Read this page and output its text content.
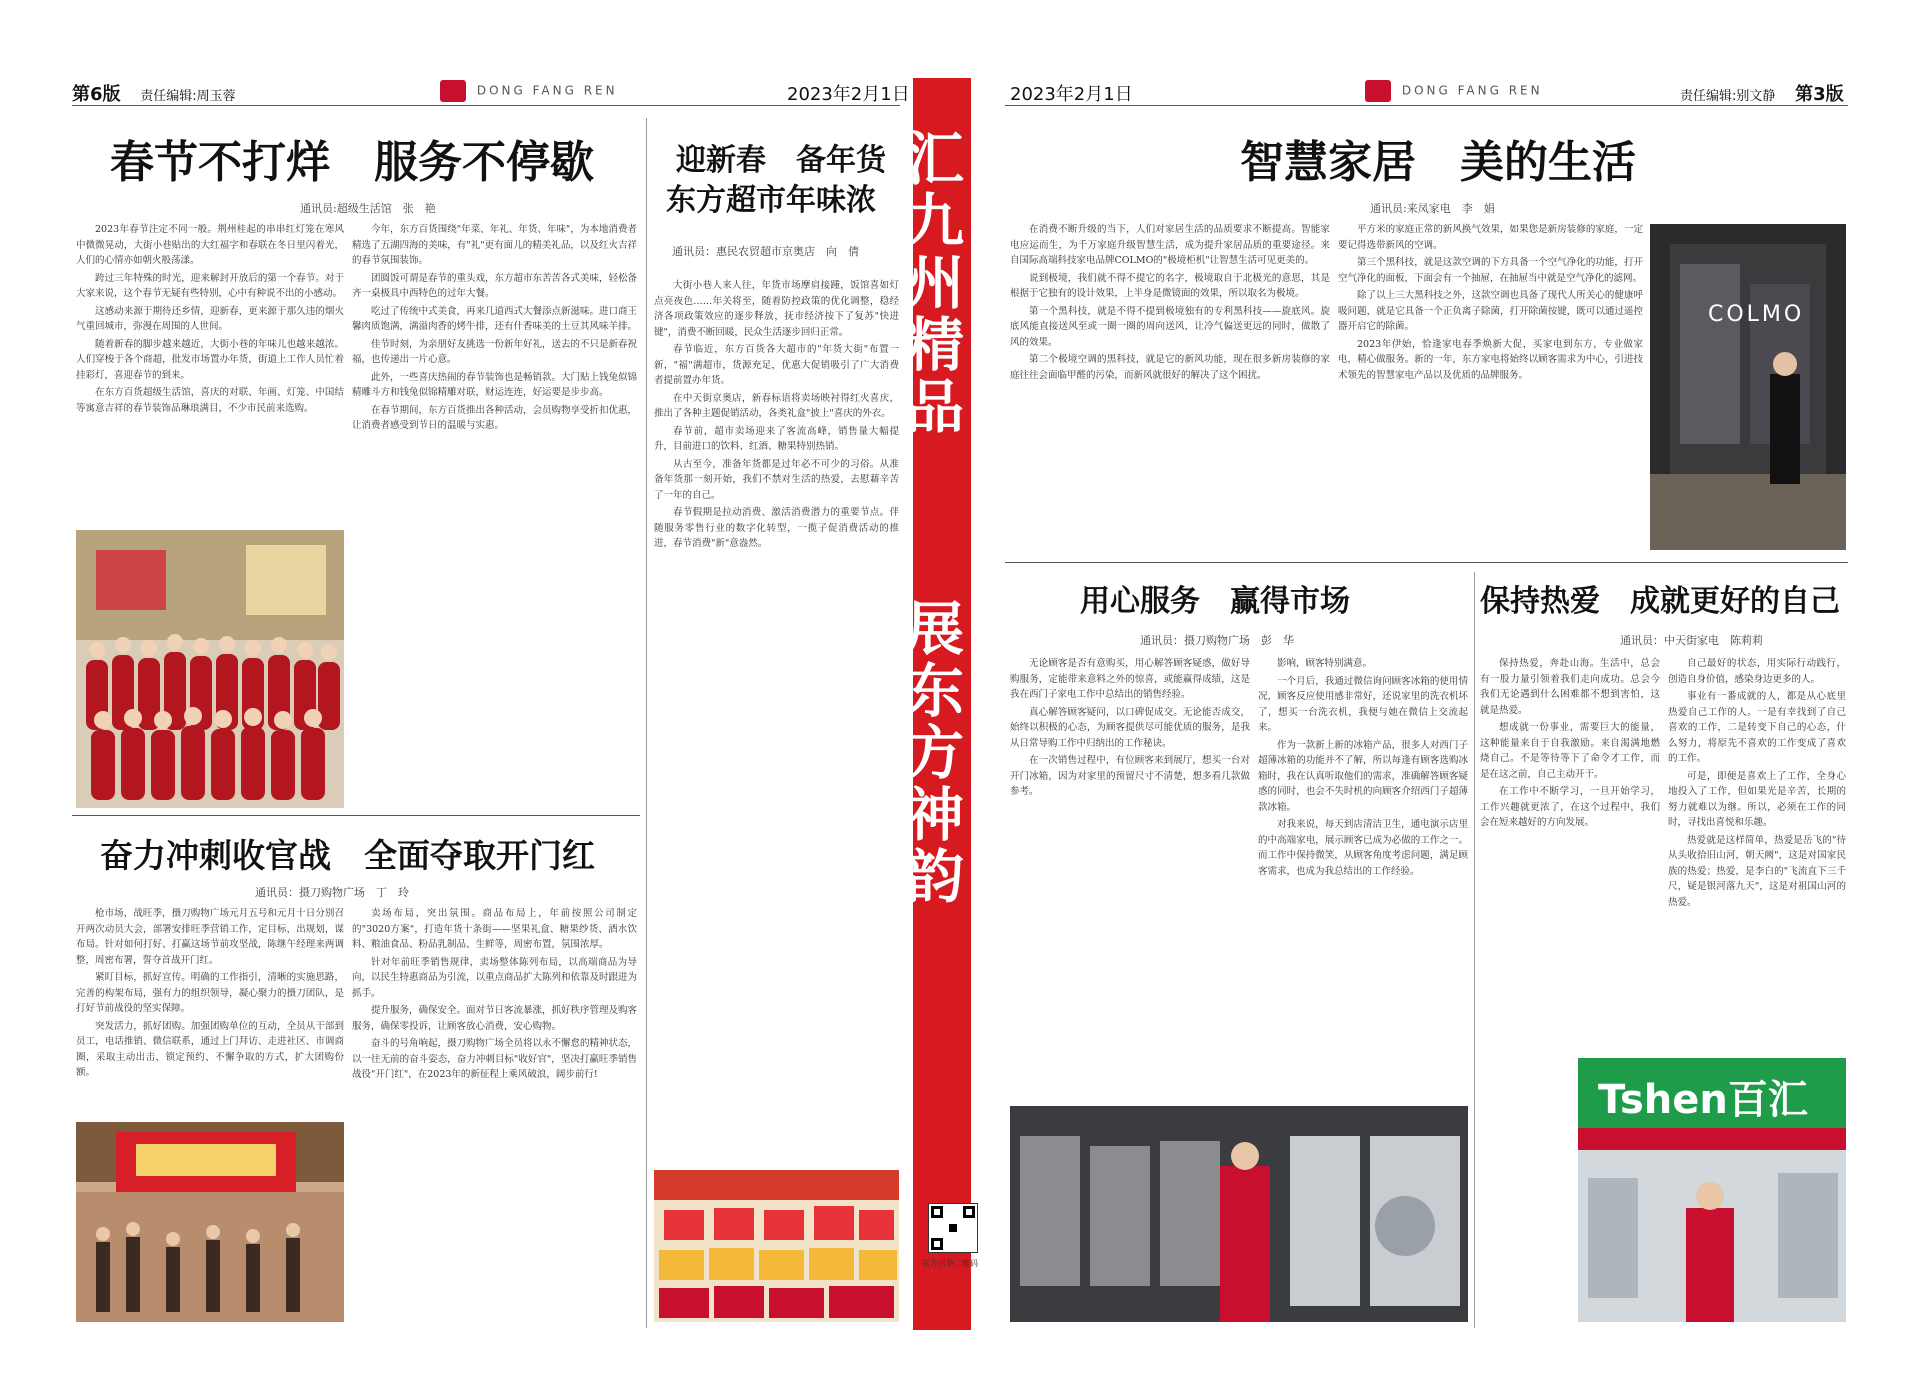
第6版 责任编辑:周玉蓉	DONG FANG REN	2023年2月1日
春节不打烊　服务不停歇
通讯员:超级生活馆　张　艳

2023年春节注定不同一般。荆州桂起的串串红灯笼在寒风中微微晃动，大街小巷贴出的大红福字和春联在冬日里闪着光，人们的心情亦如朝火般荡漾。

跨过三年特殊的时光，迎来解封开放后的第一个春节。对于大家来说，这个春节无疑有些特别，心中有种说不出的小感动。

这感动来源于期待还乡情，迎新春，更来源于那久违的烟火气重回城市，弥漫在周围的人世间。

随着新春的脚步越来越近，大街小巷的年味儿也越来越浓。人们穿梭于各个商超，批发市场置办年货，街道上工作人员忙着挂彩灯，喜迎春节的到来。

在东方百货超级生活馆，喜庆的对联、年画、灯笼、中国结等寓意吉祥的春节装饰品琳琅满目，不少市民前来选购。

今年，东方百货围绕"年菜、年礼、年货、年味"，为本地消费者精选了五湖四海的美味，有"礼"更有面儿的精美礼品，以及红火吉祥的春节氛围装饰。

团圆饭可谓是春节的重头戏，东方超市东苦苦各式美味，轻松备齐一桌极具中西特色的过年大餐。

吃过了传统中式美食，再来几道西式大餐添点新滋味。进口商王馨肉质饱满，满溢肉香的烤牛排，还有什香味美的土豆其风味羊排。

佳节时刻，为亲朋好友挑选一份新年好礼，送去的不只是新春祝福，也传递出一片心意。

此外，一些喜庆热闹的春节装饰也是畅销款。大门贴上钱兔似锦精雕斗方和钱兔似锦精雕对联，财运连连，好运要是步步高。

在春节期间，东方百货推出各种活动，会员购物享受折扣优惠，让消费者感受到节日的温暖与实惠。

奋力冲刺收官战　全面夺取开门红
通讯员：摄刀购物广场　丁　玲

枪市场，战旺季，摄刀购物广场元月五号和元月十日分别召开两次动员大会，部署安排旺季营销工作，定目标，出规划，谋布局。针对如何打好、打赢这场节前攻坚战，陈继午经理来两调整，周密布署，誓夺首战开门红。

紧盯目标，抓好宣传。明确的工作指引，清晰的实施思路，完善的构架布局，强有力的组织领导，凝心聚力的摄刀团队，是打好节前战役的坚实保障。

突发活力，抓好团购。加强团购单位的互动，全员从干部到员工，电话推销、微信联系，通过上门拜访、走进社区、市调商圈，采取主动出击，锁定预约、不懈争取的方式，扩大团购份额。

卖场布局，突出氛围。商品布局上，年前按照公司制定的"3020方案"，打造年货十条街——坚果礼盒、糖果纱货、酒水饮料、粮油食品、粉品乳制品、生鲜等，周密布置，氛围浓厚。

针对年前旺季销售规律，卖场整体陈列布局，以高端商品为导向，以民生特惠商品为引流，以重点商品扩大陈列和依靠及时跟进为抓手。

提升服务，确保安全。面对节日客流暴涨，抓好秩序管理及购客服务，确保零投诉，让顾客放心消费，安心购物。

奋斗的号角响起，摄刀购物广场全员将以永不懈怠的精神状态，以一往无前的奋斗姿态，奋力冲刺目标"收好官"，坚决打赢旺季销售战役"开门红"，在2023年的新征程上乘风破浪，阔步前行!

迎新春　备年货
东方超市年味浓
通讯员：惠民农贸超市京奥店　向　倩

大街小巷人来人往，年货市场摩肩接踵，饭馆喜如灯点亮夜色……年关将至，随着防控政策的优化调整，稳经济各项政策效应的逐步释放，抚市经济按下了复苏"快进键"，消费不断回暖，民众生活逐步回归正常。

春节临近，东方百货各大超市的"年货大街"布置一新，"福"满超市，货源充足，优惠大促销吸引了广大消费者提前置办年货。

在中天街京奥店，新春标语将卖场映衬得红火喜庆，推出了各种主题促销活动，各类礼盒"披上"喜庆的外衣。

春节前，超市卖场迎来了客流高峰，销售量大幅提升，目前进口的饮料、红酒、糖果特别热销。

从古至今，准备年货都是过年必不可少的习俗。从准备年货那一刻开始，我们不禁对生活的热爱，去慰藉辛苦了一年的自己。

春节假期是拉动消费、激活消费潜力的重要节点。伴随服务零售行业的数字化转型，一揽子促消费活动的推进，春节消费"新"意盎然。

汇九州精品
展东方神韵
东方百货二维码
2023年2月1日	DONG FANG REN	责任编辑:别文静 第3版
智慧家居　美的生活
通讯员:来凤家电　李　娟

在消费不断升级的当下，人们对家居生活的品质要求不断提高。智能家电应运而生，为千万家庭升级智慧生活，成为提升家居品质的重要途径。来自国际高端科技家电品牌COLMO的"极境柜机"让智慧生活可见更美的。

说到极境，我们就不得不提它的名字，极境取自于北极光的意思，其是根据于它独有的设计效果，上半身是微镜面的效果，所以取名为极境。

第一个黑科技，就是不得不提到极境独有的专利黑科技——旋底风。旋底风能直接送风至或一圈一圈的周向送风，让冷气偏送更远的同时，做散了风的效果。

第二个极境空调的黑科技，就是它的新风功能，现在很多新房装修的家庭往往会面临甲醛的污染，而新风就很好的解决了这个困扰。

平方米的家庭正常的新风换气效果，如果您是新房装修的家庭，一定要记得选带新风的空调。

第三个黑科技，就是这款空调的下方具备一个空气净化的功能，打开空气净化的面板，下面会有一个抽屉，在抽屉当中就是空气净化的滤网。

除了以上三大黑科技之外，这款空调也具备了现代人所关心的健康呼吸问题，就是它具备一个正负离子除菌，打开除菌按键，既可以通过遥控器开启它的除菌。

2023年伊始，恰逢家电春季焕新大促，买家电到东方，专业做家电，精心做服务。新的一年，东方家电将始终以顾客需求为中心，引进技术领先的智慧家电产品以及优质的品牌服务。

COLMO
用心服务　赢得市场
通讯员：摄刀购物广场　彭　华

无论顾客是否有意购买，用心解答顾客疑惑，做好导购服务，定能带来意料之外的惊喜，或能赢得成绩，这是我在西门子家电工作中总结出的销售经验。

真心解答顾客疑问，以口碑促成交。无论能否成交，始终以积极的心态，为顾客提供尽可能优质的服务，是我从日常导购工作中归纳出的工作秘诀。

在一次销售过程中，有位顾客来到展厅，想买一台对开门冰箱，因为对家里的预留尺寸不清楚，想多看几款做参考。

影响，顾客特别满意。

一个月后，我通过微信询问顾客冰箱的使用情况，顾客反应使用感非常好，还说家里的洗衣机坏了，想买一台洗衣机，我便与她在微信上交流起来。

作为一款新上新的冰箱产品，很多人对西门子超薄冰箱的功能并不了解，所以每逢有顾客选购冰箱时，我在认真听取他们的需求，准确解答顾客疑惑的同时，也会不失时机的向顾客介绍西门子超薄款冰箱。

对我来说，每天到店清洁卫生，通电演示店里的中高端家电，展示顾客已成为必做的工作之一。而工作中保持微笑，从顾客角度考虑问题，满足顾客需求，也成为我总结出的工作经验。

保持热爱　成就更好的自己
通讯员：中天街家电　陈莉莉

保持热爱，奔赴山海。生活中，总会有一股力量引领着我们走向成功。总会今我们无论遇到什么困难都不想到害怕，这就是热爱。

想成就一份事业，需要巨大的能量，这种能量来自于自我激励。来自渴满地燃烧自己。不是等待等下了命令才工作，而是在这之前，自己主动开干。

在工作中不断学习，一旦开始学习，工作兴趣就更浓了，在这个过程中，我们会在短来越好的方向发展。

自己最好的状态，用实际行动践行，创造自身价值，感染身边更多的人。

事业有一番成就的人，都是从心底里热爱自己工作的人。一是有幸找到了自己喜欢的工作，二是转变下自己的心态，什么努力，将原先不喜欢的工作变成了喜欢的工作。

可是，即便是喜欢上了工作，全身心地投入了工作，但如果光是辛苦，长期的努力就难以为继。所以，必须在工作的同时，寻找出喜悦和乐趣。

热爱就是这样简单，热爱是岳飞的"待从头收拾旧山河，朝天阙"，这是对国家民族的热爱；热爱，是李白的"飞流直下三千尺，疑是银河落九天"，这是对祖国山河的热爱。

Tshen百汇
